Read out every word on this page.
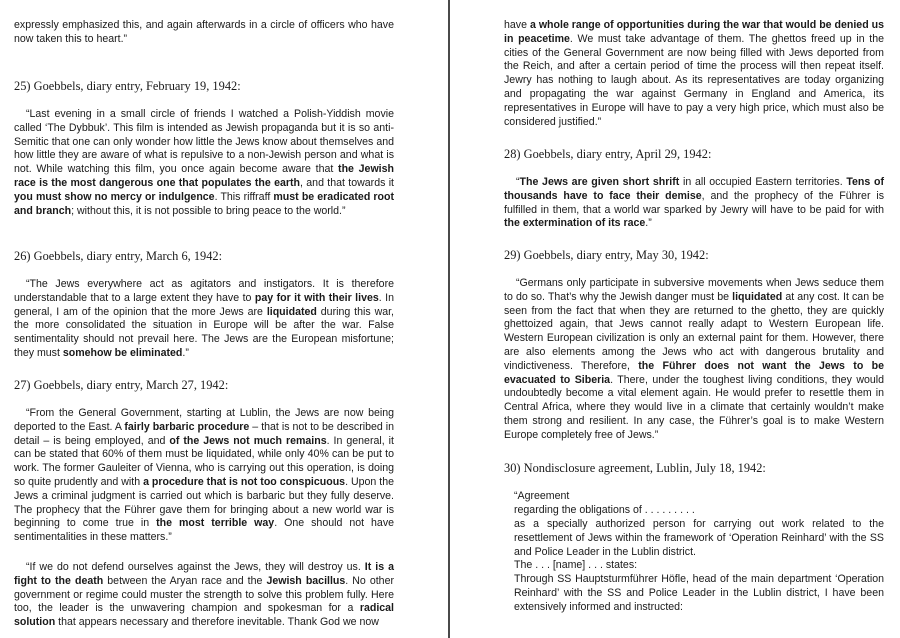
expressly emphasized this, and again afterwards in a circle of officers who have now taken this to heart.”

25) Goebbels, diary entry, February 19, 1942:

“Last evening in a small circle of friends I watched a Polish-Yiddish movie called ‘The Dybbuk’. This film is intended as Jewish propaganda but it is so anti-Semitic that one can only wonder how little the Jews know about themselves and how little they are aware of what is repulsive to a non-Jewish person and what is not. While watching this film, you once again become aware that the Jewish race is the most dangerous one that populates the earth, and that towards it you must show no mercy or indulgence. This riffraff must be eradicated root and branch; without this, it is not possible to bring peace to the world.”

26) Goebbels, diary entry, March 6, 1942:

“The Jews everywhere act as agitators and instigators. It is therefore understandable that to a large extent they have to pay for it with their lives. In general, I am of the opinion that the more Jews are liquidated during this war, the more consolidated the situation in Europe will be after the war. False sentimentality should not prevail here. The Jews are the European misfortune; they must somehow be eliminated.”

27) Goebbels, diary entry, March 27, 1942:

“From the General Government, starting at Lublin, the Jews are now being deported to the East. A fairly barbaric procedure – that is not to be described in detail – is being employed, and of the Jews not much remains. In general, it can be stated that 60% of them must be liquidated, while only 40% can be put to work. The former Gauleiter of Vienna, who is carrying out this operation, is doing so quite prudently and with a procedure that is not too conspicuous. Upon the Jews a criminal judgment is carried out which is barbaric but they fully deserve. The prophecy that the Führer gave them for bringing about a new world war is beginning to come true in the most terrible way. One should not have sentimentalities in these matters.”

“If we do not defend ourselves against the Jews, they will destroy us. It is a fight to the death between the Aryan race and the Jewish bacillus. No other government or regime could muster the strength to solve this problem fully. Here too, the leader is the unwavering champion and spokesman for a radical solution that appears necessary and therefore inevitable. Thank God we now

have a whole range of opportunities during the war that would be denied us in peacetime. We must take advantage of them. The ghettos freed up in the cities of the General Government are now being filled with Jews deported from the Reich, and after a certain period of time the process will then repeat itself. Jewry has nothing to laugh about. As its representatives are today organizing and propagating the war against Germany in England and America, its representatives in Europe will have to pay a very high price, which must also be considered justified.”

28) Goebbels, diary entry, April 29, 1942:

“The Jews are given short shrift in all occupied Eastern territories. Tens of thousands have to face their demise, and the prophecy of the Führer is fulfilled in them, that a world war sparked by Jewry will have to be paid for with the extermination of its race.”

29) Goebbels, diary entry, May 30, 1942:

“Germans only participate in subversive movements when Jews seduce them to do so. That’s why the Jewish danger must be liquidated at any cost. It can be seen from the fact that when they are returned to the ghetto, they are quickly ghettoized again, that Jews cannot really adapt to Western European life. Western European civilization is only an external paint for them. However, there are also elements among the Jews who act with dangerous brutality and vindictiveness. Therefore, the Führer does not want the Jews to be evacuated to Siberia. There, under the toughest living conditions, they would undoubtedly become a vital element again. He would prefer to resettle them in Central Africa, where they would live in a climate that certainly wouldn’t make them strong and resilient. In any case, the Führer’s goal is to make Western Europe completely free of Jews.”

30) Nondisclosure agreement, Lublin, July 18, 1942:

“Agreement

regarding the obligations of . . . . . . . . .

as a specially authorized person for carrying out work related to the resettlement of Jews within the framework of ‘Operation Reinhard’ with the SS and Police Leader in the Lublin district.

The . . . [name] . . . states:

Through SS Hauptsturmführer Höfle, head of the main department ‘Operation Reinhard’ with the SS and Police Leader in the Lublin district, I have been extensively informed and instructed:
